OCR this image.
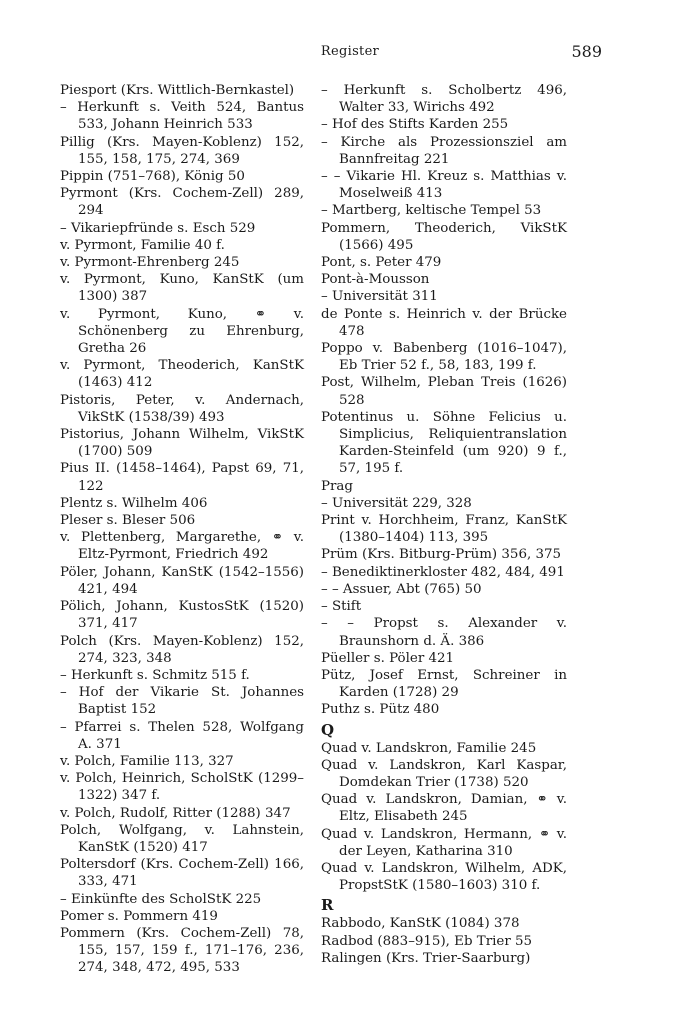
Register	589
Piesport (Krs. Wittlich-Bernkastel)
– Herkunft s. Veith 524, Bantus 533, Johann Heinrich 533
Pillig (Krs. Mayen-Koblenz) 152, 155, 158, 175, 274, 369
Pippin (751–768), König 50
Pyrmont (Krs. Cochem-Zell) 289, 294
– Vikariepfründe s. Esch 529
v. Pyrmont, Familie 40 f.
v. Pyrmont-Ehrenberg 245
v. Pyrmont, Kuno, KanStK (um 1300) 387
v. Pyrmont, Kuno, ⚭ v. Schönenberg zu Ehrenburg, Gretha 26
v. Pyrmont, Theoderich, KanStK (1463) 412
Pistoris, Peter, v. Andernach, VikStK (1538/39) 493
Pistorius, Johann Wilhelm, VikStK (1700) 509
Pius II. (1458–1464), Papst 69, 71, 122
Plentz s. Wilhelm 406
Pleser s. Bleser 506
v. Plettenberg, Margarethe, ⚭ v. Eltz-Pyrmont, Friedrich 492
Pöler, Johann, KanStK (1542–1556) 421, 494
Pölich, Johann, KustosStK (1520) 371, 417
Polch (Krs. Mayen-Koblenz) 152, 274, 323, 348
– Herkunft s. Schmitz 515 f.
– Hof der Vikarie St. Johannes Baptist 152
– Pfarrei s. Thelen 528, Wolfgang A. 371
v. Polch, Familie 113, 327
v. Polch, Heinrich, ScholStK (1299–1322) 347 f.
v. Polch, Rudolf, Ritter (1288) 347
Polch, Wolfgang, v. Lahnstein, KanStK (1520) 417
Poltersdorf (Krs. Cochem-Zell) 166, 333, 471
– Einkünfte des ScholStK 225
Pomer s. Pommern 419
Pommern (Krs. Cochem-Zell) 78, 155, 157, 159 f., 171–176, 236, 274, 348, 472, 495, 533
– Herkunft s. Scholbertz 496, Walter 33, Wirichs 492
– Hof des Stifts Karden 255
– Kirche als Prozessionsziel am Bannfreitag 221
– – Vikarie Hl. Kreuz s. Matthias v. Moselweiß 413
– Martberg, keltische Tempel 53
Pommern, Theoderich, VikStK (1566) 495
Pont, s. Peter 479
Pont-à-Mousson
– Universität 311
de Ponte s. Heinrich v. der Brücke 478
Poppo v. Babenberg (1016–1047), Eb Trier 52 f., 58, 183, 199 f.
Post, Wilhelm, Pleban Treis (1626) 528
Potentinus u. Söhne Felicius u. Simplicius, Reliquientranslation Karden-Steinfeld (um 920) 9 f., 57, 195 f.
Prag
– Universität 229, 328
Print v. Horchheim, Franz, KanStK (1380–1404) 113, 395
Prüm (Krs. Bitburg-Prüm) 356, 375
– Benediktinerkloster 482, 484, 491
– – Assuer, Abt (765) 50
– Stift
– – Propst s. Alexander v. Braunshorn d. Ä. 386
Püeller s. Pöler 421
Pütz, Josef Ernst, Schreiner in Karden (1728) 29
Puthz s. Pütz 480
Q
Quad v. Landskron, Familie 245
Quad v. Landskron, Karl Kaspar, Domdekan Trier (1738) 520
Quad v. Landskron, Damian, ⚭ v. Eltz, Elisabeth 245
Quad v. Landskron, Hermann, ⚭ v. der Leyen, Katharina 310
Quad v. Landskron, Wilhelm, ADK, PropstStK (1580–1603) 310 f.
R
Rabbodo, KanStK (1084) 378
Radbod (883–915), Eb Trier 55
Ralingen (Krs. Trier-Saarburg)
